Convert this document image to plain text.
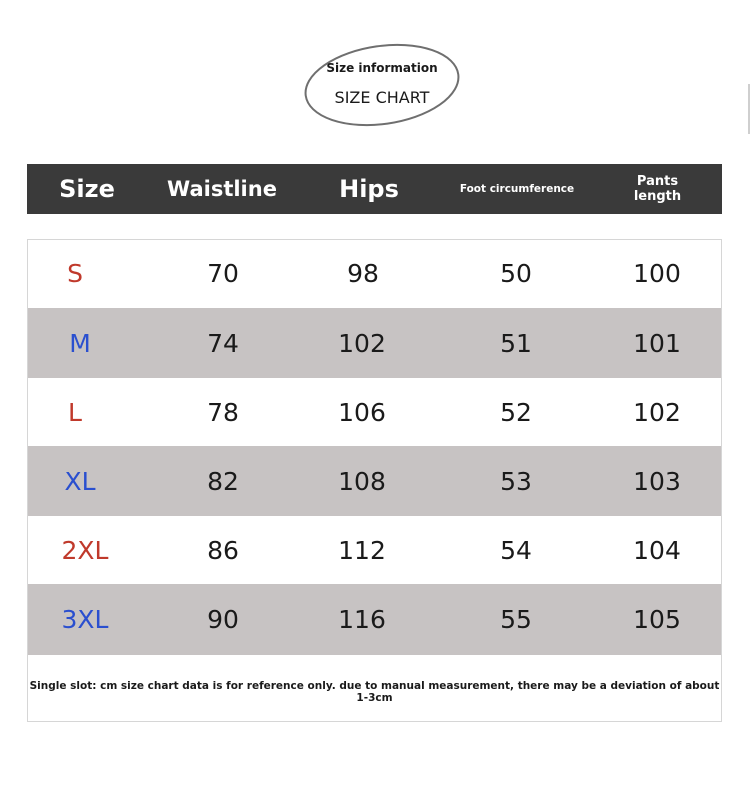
Size information
SIZE CHART
Size	Waistline	Hips	Foot circumference	Pants
length
S	70	98	50	100
M	74	102	51	101
L	78	106	52	102
XL	82	108	53	103
2XL	86	112	54	104
3XL	90	116	55	105
Single slot: cm size chart data is for reference only. due to manual measurement, there may be a deviation of about 1-3cm
